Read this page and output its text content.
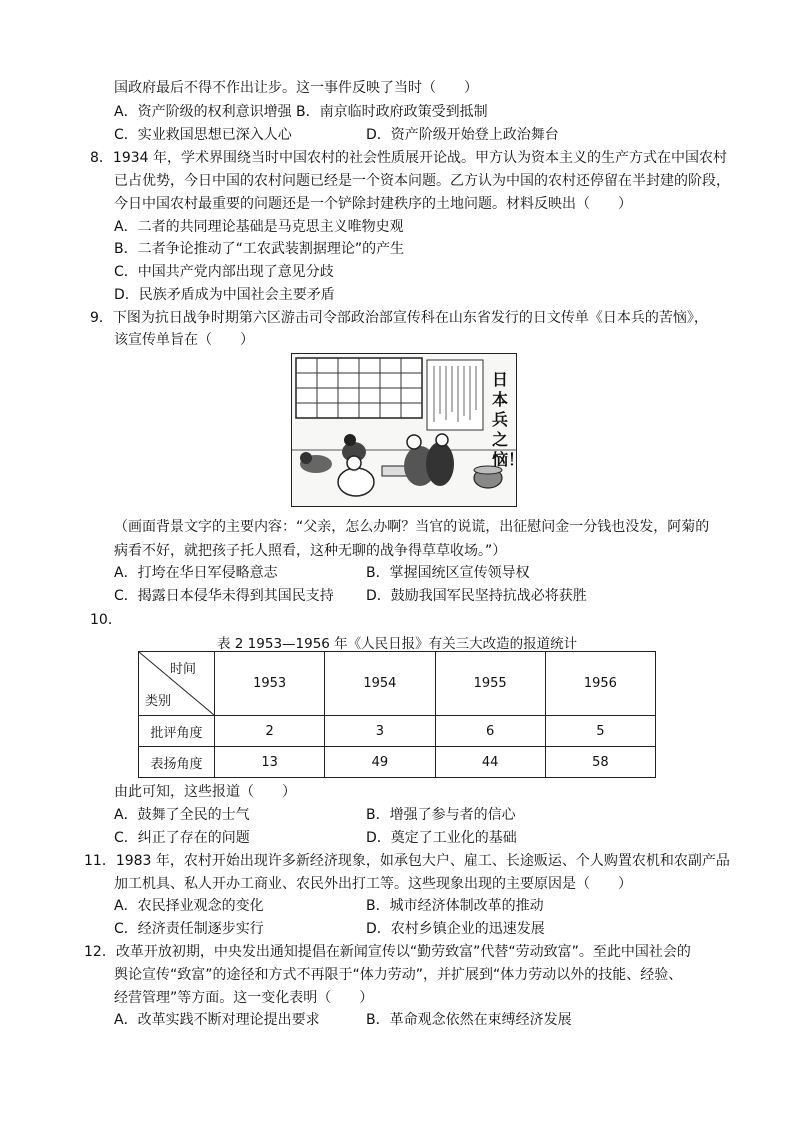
国政府最后不得不作出让步。这一事件反映了当时（　　）
A．资产阶级的权利意识增强 B．南京临时政府政策受到抵制
C．实业救国思想已深入人心	D．资产阶级开始登上政治舞台
8．1934 年，学术界围绕当时中国农村的社会性质展开论战。甲方认为资本主义的生产方式在中国农村
已占优势，今日中国的农村问题已经是一个资本问题。乙方认为中国的农村还停留在半封建的阶段，
今日中国农村最重要的问题还是一个铲除封建秩序的土地问题。材料反映出（　　）
A．二者的共同理论基础是马克思主义唯物史观
B．二者争论推动了“工农武装割据理论”的产生
C．中国共产党内部出现了意见分歧
D．民族矛盾成为中国社会主要矛盾
9．下图为抗日战争时期第六区游击司令部政治部宣传科在山东省发行的日文传单《日本兵的苦恼》，
该宣传单旨在（　　）
日本兵之恼！
（画面背景文字的主要内容：“父亲，怎么办啊？当官的说谎，出征慰问金一分钱也没发，阿菊的
病看不好，就把孩子托人照看，这种无聊的战争得草草收场。”）
A．打垮在华日军侵略意志	B．掌握国统区宣传领导权
C．揭露日本侵华未得到其国民支持 D．鼓励我国军民坚持抗战必将获胜
10．
表 2 1953—1956 年《人民日报》有关三大改造的报道统计
时间
类别	1953	1954	1955	1956
批评角度	2	3	6	5
表扬角度	13	49	44	58
由此可知，这些报道（　　）
A．鼓舞了全民的士气	B．增强了参与者的信心
C．纠正了存在的问题	D．奠定了工业化的基础
11．1983 年，农村开始出现许多新经济现象，如承包大户、雇工、长途贩运、个人购置农机和农副产品
加工机具、私人开办工商业、农民外出打工等。这些现象出现的主要原因是（　　）
A．农民择业观念的变化	B．城市经济体制改革的推动
C．经济责任制逐步实行	D．农村乡镇企业的迅速发展
12．改革开放初期，中央发出通知提倡在新闻宣传以“勤劳致富”代替“劳动致富”。至此中国社会的
舆论宣传“致富”的途径和方式不再限于“体力劳动”，并扩展到“体力劳动以外的技能、经验、
经营管理”等方面。这一变化表明（　　）
A．改革实践不断对理论提出要求	B．革命观念依然在束缚经济发展
